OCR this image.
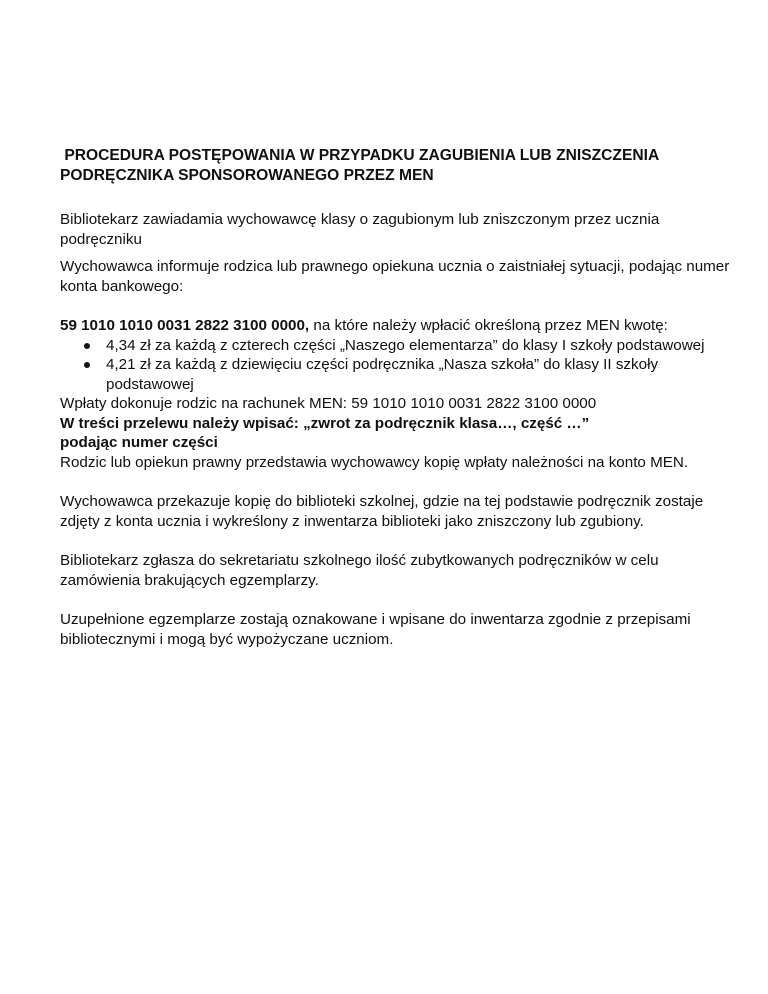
PROCEDURA POSTĘPOWANIA W PRZYPADKU ZAGUBIENIA LUB ZNISZCZENIA
PODRĘCZNIKA SPONSOROWANEGO PRZEZ MEN

Bibliotekarz zawiadamia wychowawcę klasy o zagubionym lub zniszczonym przez ucznia podręczniku

Wychowawca informuje rodzica lub prawnego opiekuna ucznia o zaistniałej sytuacji, podając numer konta bankowego:

59 1010 1010 0031 2822 3100 0000, na które należy wpłacić określoną przez MEN kwotę:

4,34 zł za każdą z czterech części „Naszego elementarza” do klasy I szkoły podstawowej
4,21 zł za każdą z dziewięciu części podręcznika „Nasza szkoła” do klasy II szkoły podstawowej

Wpłaty dokonuje rodzic na rachunek MEN: 59 1010 1010 0031 2822 3100 0000

W treści przelewu należy wpisać: „zwrot za podręcznik klasa…, część …”

podając numer części

Rodzic lub opiekun prawny przedstawia wychowawcy kopię wpłaty należności na konto MEN.

Wychowawca przekazuje kopię do biblioteki szkolnej, gdzie na tej podstawie podręcznik zostaje zdjęty z konta ucznia i wykreślony z inwentarza biblioteki jako zniszczony lub zgubiony.

Bibliotekarz zgłasza do sekretariatu szkolnego ilość zubytkowanych podręczników w celu zamówienia brakujących egzemplarzy.

Uzupełnione egzemplarze zostają oznakowane i wpisane do inwentarza zgodnie z przepisami bibliotecznymi i mogą być wypożyczane uczniom.
